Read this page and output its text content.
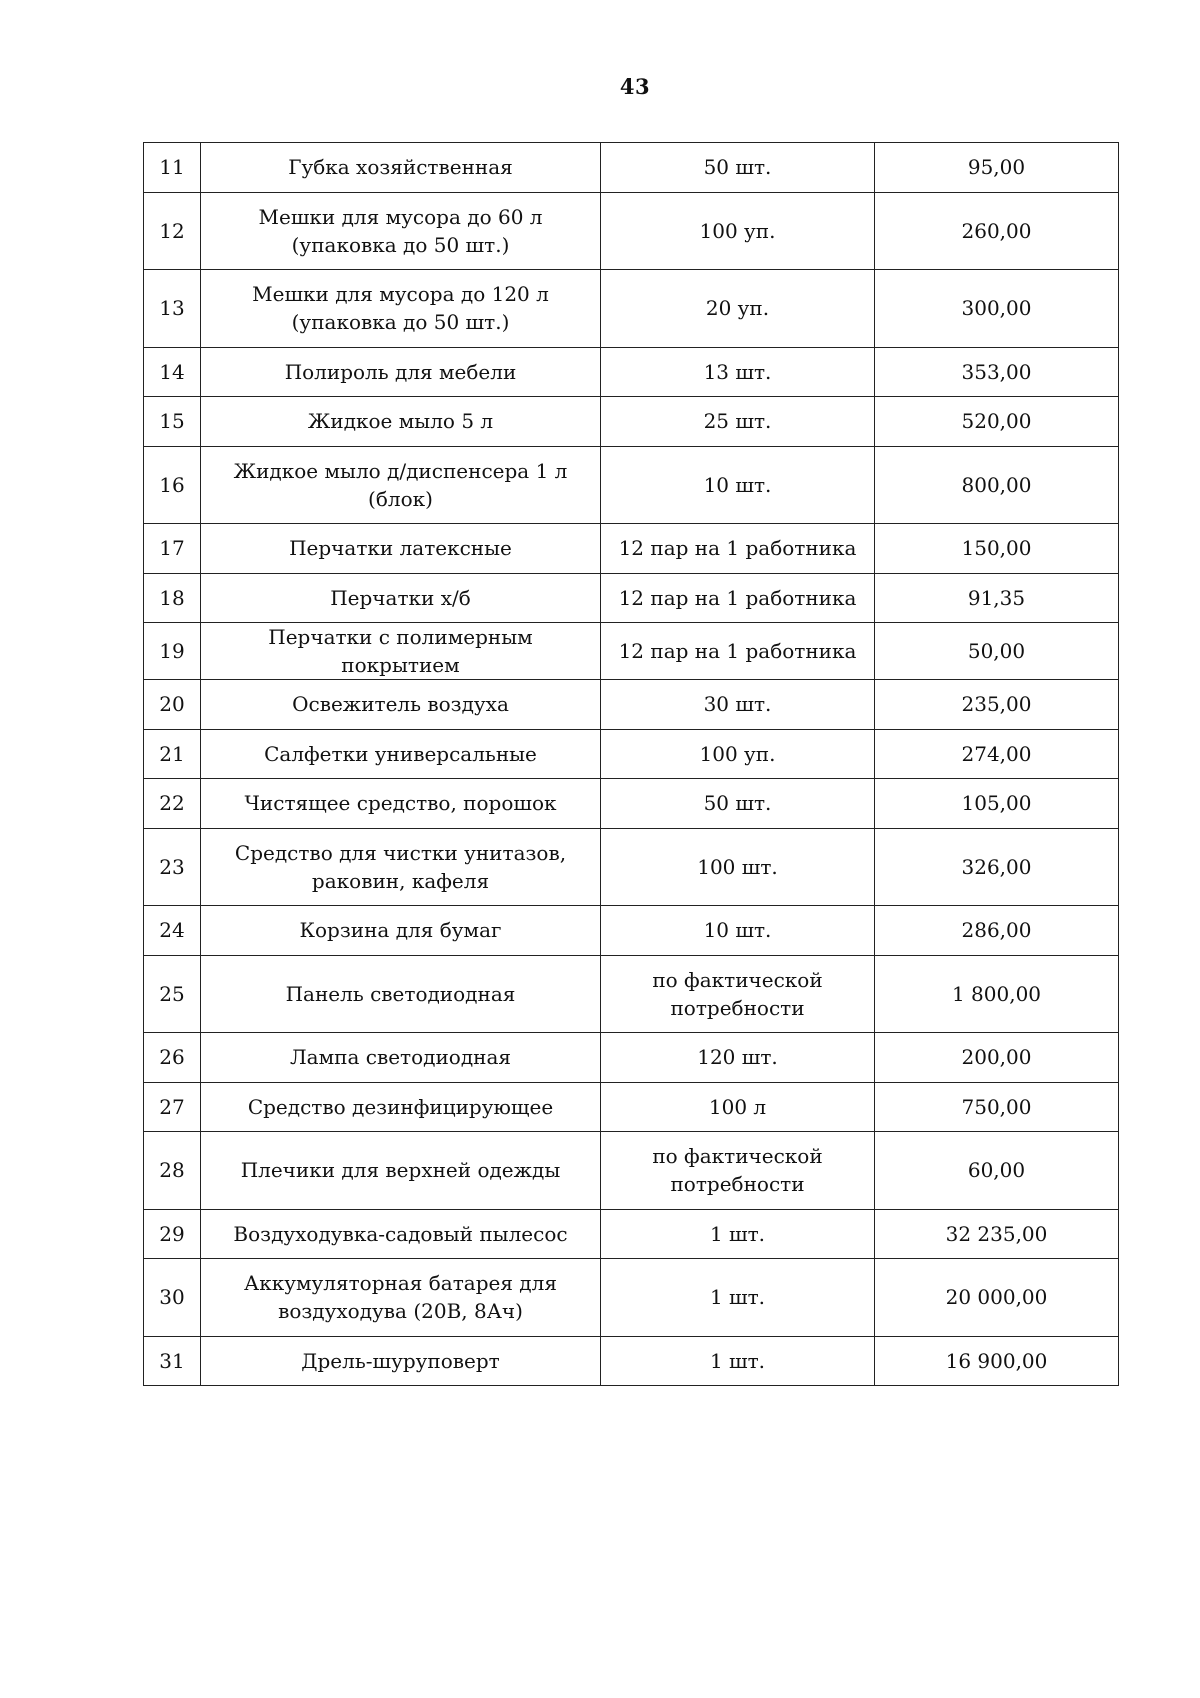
43
11	Губка хозяйственная	50 шт.	95,00
12	Мешки для мусора до 60 л (упаковка до 50 шт.)	100 уп.	260,00
13	Мешки для мусора до 120 л (упаковка до 50 шт.)	20 уп.	300,00
14	Полироль для мебели	13 шт.	353,00
15	Жидкое мыло 5 л	25 шт.	520,00
16	Жидкое мыло д/диспенсера 1 л (блок)	10 шт.	800,00
17	Перчатки латексные	12 пар на 1 работника	150,00
18	Перчатки х/б	12 пар на 1 работника	91,35
19	Перчатки с полимерным покрытием	12 пар на 1 работника	50,00
20	Освежитель воздуха	30 шт.	235,00
21	Салфетки универсальные	100 уп.	274,00
22	Чистящее средство, порошок	50 шт.	105,00
23	Средство для чистки унитазов, раковин, кафеля	100 шт.	326,00
24	Корзина для бумаг	10 шт.	286,00
25	Панель светодиодная	по фактической потребности	1 800,00
26	Лампа светодиодная	120 шт.	200,00
27	Средство дезинфицирующее	100 л	750,00
28	Плечики для верхней одежды	по фактической потребности	60,00
29	Воздуходувка-садовый пылесос	1 шт.	32 235,00
30	Аккумуляторная батарея для воздуходува (20В, 8Ач)	1 шт.	20 000,00
31	Дрель-шуруповерт	1 шт.	16 900,00
